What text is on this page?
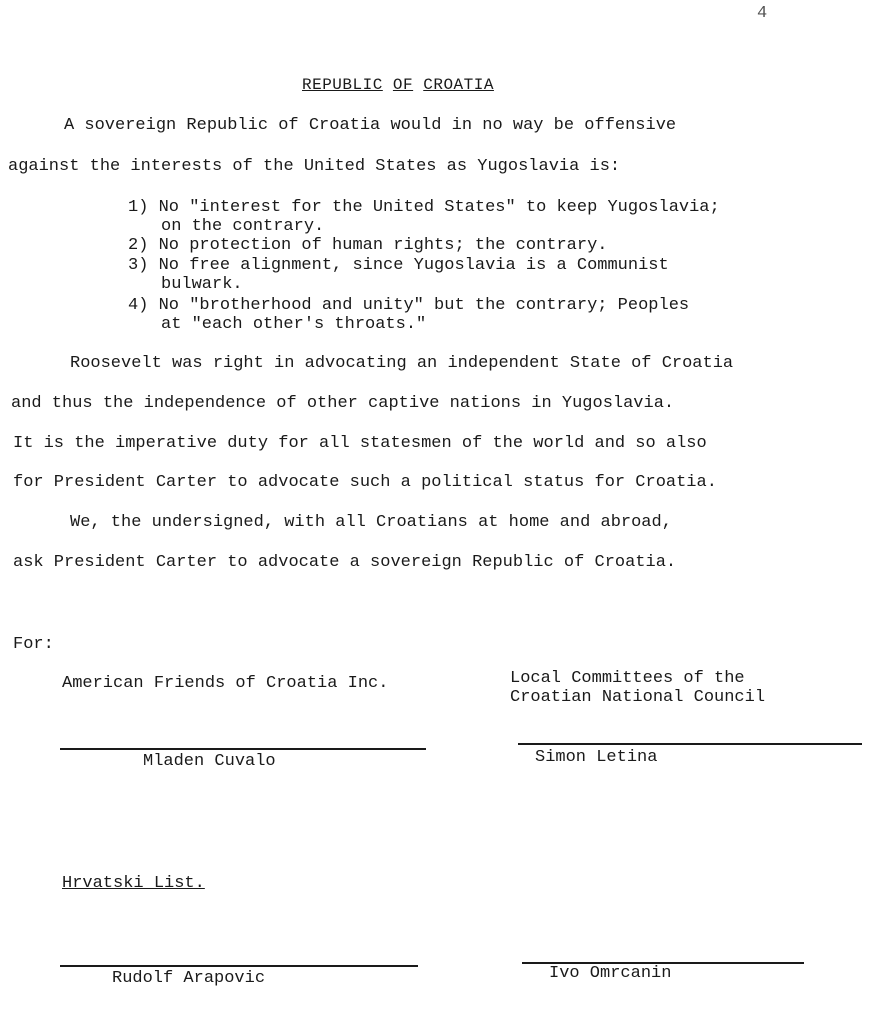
4
REPUBLIC OF CROATIA
A sovereign Republic of Croatia would in no way be offensive
against the interests of the United States as Yugoslavia is:
1) No "interest for the United States" to keep Yugoslavia;
on the contrary.
2) No protection of human rights; the contrary.
3) No free alignment, since Yugoslavia is a Communist
bulwark.
4) No "brotherhood and unity" but the contrary; Peoples
at "each other's throats."
Roosevelt was right in advocating an independent State of Croatia
and thus the independence of other captive nations in Yugoslavia.
It is the imperative duty for all statesmen of the world and so also
for President Carter to advocate such a political status for Croatia.
We, the undersigned, with all Croatians at home and abroad,
ask President Carter to advocate a sovereign Republic of Croatia.
For:
American Friends of Croatia Inc.	Local Committees of the
Croatian National Council
Mladen Cuvalo	Simon Letina
Hrvatski List.
Rudolf Arapovic	Ivo Omrcanin
